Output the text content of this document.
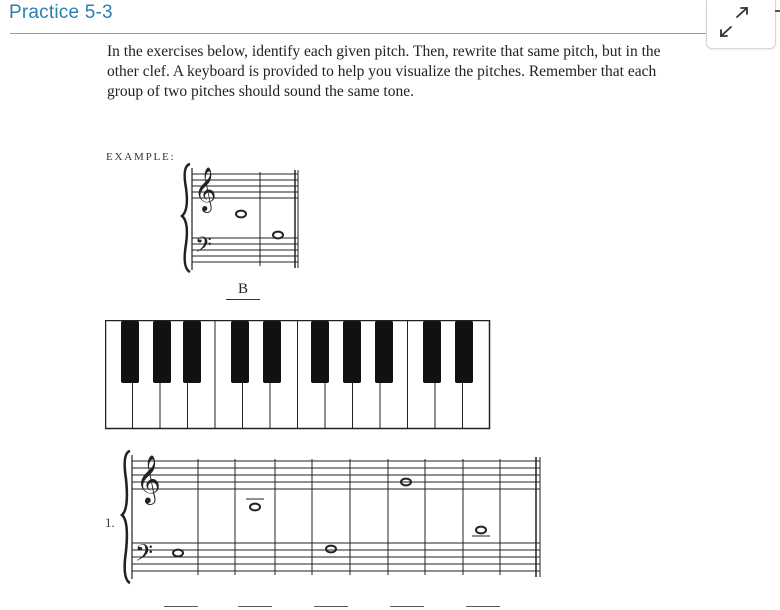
Practice 5-3
In the exercises below, identify each given pitch. Then, rewrite that same pitch, but in the other clef. A keyboard is provided to help you visualize the pitches. Remember that each group of two pitches should sound the same tone.
EXAMPLE:
𝄞
𝄢
B
1.
𝄞
𝄢
